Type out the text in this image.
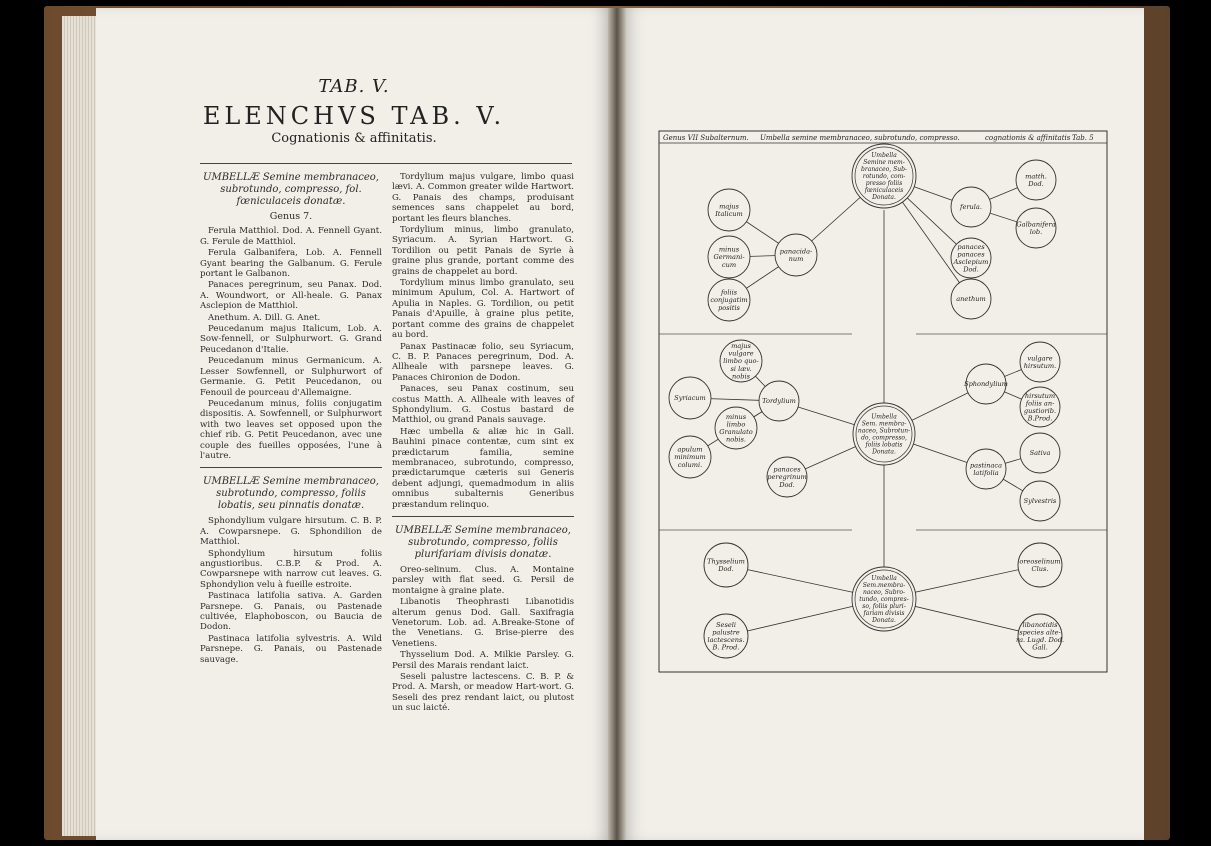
TAB. V.
ELENCHVS TAB. V.
Cognationis & affinitatis.

UMBELLÆ Semine membranaceo, subrotundo, compresso, fol. fœniculaceis donatæ.

Genus 7.

Ferula Matthiol. Dod. A. Fennell Gyant. G. Ferule de Matthiol.

Ferula Galbanifera, Lob. A. Fennell Gyant bearing the Galbanum. G. Ferule portant le Galbanon.

Panaces peregrinum, seu Panax. Dod. A. Woundwort, or All-heale. G. Panax Asclepion de Matthiol.

Anethum. A. Dill. G. Anet.

Peucedanum majus Italicum, Lob. A. Sow-fennell, or Sulphurwort. G. Grand Peucedanon d'Italie.

Peucedanum minus Germanicum. A. Lesser Sowfennell, or Sulphurwort of Germanie. G. Petit Peucedanon, ou Fenouil de pourceau d'Allemaigne.

Peucedanum minus, foliis conjugatim dispositis. A. Sowfennell, or Sulphurwort with two leaves set opposed upon the chief rib. G. Petit Peucedanon, avec une couple des fueilles opposées, l'une à l'autre.

UMBELLÆ Semine membranaceo, subrotundo, compresso, foliis lobatis, seu pinnatis donatæ.

Sphondylium vulgare hirsutum. C. B. P. A. Cowparsnepe. G. Sphondilion de Matthiol.

Sphondylium hirsutum foliis angustioribus. C.B.P. & Prod. A. Cowparsnepe with narrow cut leaves. G. Sphondylion velu à fueille estroite.

Pastinaca latifolia sativa. A. Garden Parsnepe. G. Panais, ou Pastenade cultivée, Elaphoboscon, ou Baucia de Dodon.

Pastinaca latifolia sylvestris. A. Wild Parsnepe. G. Panais, ou Pastenade sauvage.

Tordylium majus vulgare, limbo quasi lævi. A. Common greater wilde Hartwort. G. Panais des champs, produisant semences sans chappelet au bord, portant les fleurs blanches.

Tordylium minus, limbo granulato, Syriacum. A. Syrian Hartwort. G. Tordilion ou petit Panais de Syrie à graine plus grande, portant comme des grains de chappelet au bord.

Tordylium minus limbo granulato, seu minimum Apulum, Col. A. Hartwort of Apulia in Naples. G. Tordilion, ou petit Panais d'Apuille, à graine plus petite, portant comme des grains de chappelet au bord.

Panax Pastinacæ folio, seu Syriacum, C. B. P. Panaces peregrinum, Dod. A. Allheale with parsnepe leaves. G. Panaces Chironion de Dodon.

Panaces, seu Panax costinum, seu costus Matth. A. Allheale with leaves of Sphondylium. G. Costus bastard de Matthiol, ou grand Panais sauvage.

Hæc umbella & aliæ hic in Gall. Bauhini pinace contentæ, cum sint ex prædictarum familia, semine membranaceo, subrotundo, compresso, prædictarumque cæteris sui Generis debent adjungi, quemadmodum in aliis omnibus subalternis Generibus præstandum relinquo.

UMBELLÆ Semine membranaceo, subrotundo, compresso, foliis plurifariam divisis donatæ.

Oreo-selinum. Clus. A. Montaine parsley with flat seed. G. Persil de montaigne à graine plate.

Libanotis Theophrasti Libanotidis alterum genus Dod. Gall. Saxifragia Venetorum. Lob. ad. A.Breake-Stone of the Venetians. G. Brise-pierre des Venetiens.

Thysselium Dod. A. Milkie Parsley. G. Persil des Marais rendant laict.

Seseli palustre lactescens. C. B. P. & Prod. A. Marsh, or meadow Hart-wort. G. Seseli des prez rendant laict, ou plutost un suc laicté.

Genus VII Subalternum. Umbella semine membranaceo, subrotundo, compresso.	cognationis & affinitatis Tab. 5
Umbella
Semine mem-
branaceo, Sub-
rotundo, com-
presso foliis
fœniculaceis
Donata.
panacida-
num
majus
Italicum
minus
Germani-
cum
foliis
conjugatim
positis
ferula.
panaces
panaces
Asclepium
Dod.
anethum
matth.
Dod.
Galbanifera
lob.
Umbella
Sem. membra-
naceo, Subrotun-
do, compresso,
foliis lobatis
Donata.
Tordylium
panaces
peregrinum
Dod.
majus
vulgare
limbo quo-
si læv.
nobis
Syriacum
minus
limbo
Granulato
nobis.
apulum
minimum
columi.
Sphondylium
pastinaca
latifolia
vulgare
hirsutum.
hirsutum
foliis an-
gustiorib.
B.Prod.
Sativa
Sylvestris
Umbella
Sem.membra-
naceo, Subro-
tundo, compres-
so, foliis pluri-
fariam divisis
Donata.
Thysselium
Dod.
Seseli
palustre
lactescens.
B. Prod.
oreoselinum
Clus.
libanotidis
species alte-
ra. Lugd. Dod.
Gall.
